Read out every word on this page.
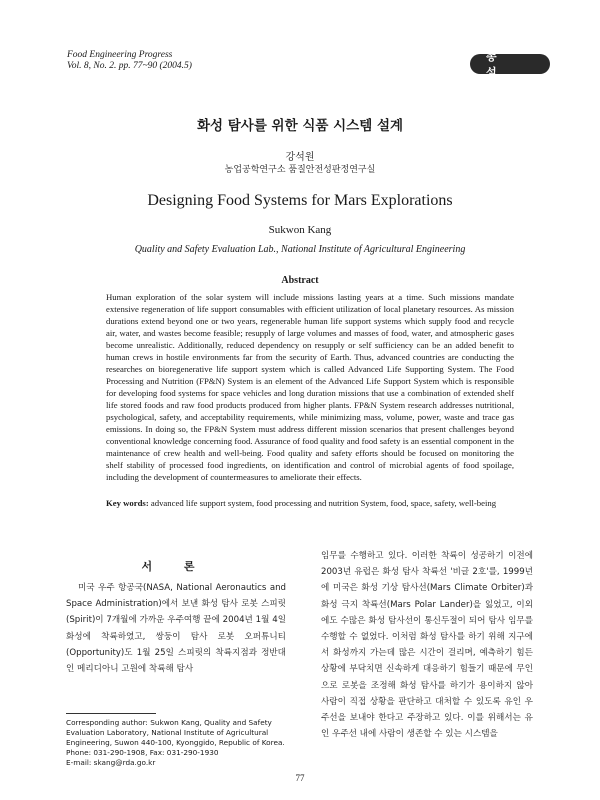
Food Engineering Progress
Vol. 8, No. 2. pp. 77~90 (2004.5)
총 설
화성 탐사를 위한 식품 시스템 설계
강석원
농업공학연구소 품질안전성판정연구실
Designing Food Systems for Mars Explorations
Sukwon Kang
Quality and Safety Evaluation Lab., National Institute of Agricultural Engineering
Abstract
Human exploration of the solar system will include missions lasting years at a time. Such missions mandate extensive regeneration of life support consumables with efficient utilization of local planetary resources. As mission durations extend beyond one or two years, regenerable human life support systems which supply food and recycle air, water, and wastes become feasible; resupply of large volumes and masses of food, water, and atmospheric gases become unrealistic. Additionally, reduced dependency on resupply or self sufficiency can be an added benefit to human crews in hostile environments far from the security of Earth. Thus, advanced countries are conducting the researches on bioregenerative life support system which is called Advanced Life Supporting System. The Food Processing and Nutrition (FP&N) System is an element of the Advanced Life Support System which is responsible for developing food systems for space vehicles and long duration missions that use a combination of extended shelf life stored foods and raw food products produced from higher plants. FP&N System research addresses nutritional, psychological, safety, and acceptability requirements, while minimizing mass, volume, power, waste and trace gas emissions. In doing so, the FP&N System must address different mission scenarios that present challenges beyond conventional knowledge concerning food. Assurance of food quality and food safety is an essential component in the maintenance of crew health and well-being. Food quality and safety efforts should be focused on monitoring the shelf stability of processed food ingredients, on identification and control of microbial agents of food spoilage, including the development of countermeasures to ameliorate their effects.
Key words: advanced life support system, food processing and nutrition System, food, space, safety, well-being
서 론
미국 우주 항공국(NASA, National Aeronautics and Space Administration)에서 보낸 화성 탐사 로봇 스피릿(Spirit)이 7개월에 가까운 우주여행 끝에 2004년 1월 4일 화성에 착륙하였고, 쌍둥이 탐사 로봇 오퍼튜니티(Opportunity)도 1월 25일 스피릿의 착륙지점과 정반대인 메리디아니 고원에 착륙해 탐사
임무를 수행하고 있다. 이러한 착륙이 성공하기 이전에 2003년 유럽은 화성 탐사 착륙선 '비글 2호'를, 1999년에 미국은 화성 기상 탐사선(Mars Climate Orbiter)과 화성 극지 착륙선(Mars Polar Lander)을 잃었고, 이외에도 수많은 화성 탐사선이 통신두절이 되어 탐사 임무를 수행할 수 없었다. 이처럼 화성 탐사를 하기 위해 지구에서 화성까지 가는데 많은 시간이 걸리며, 예측하기 힘든 상황에 부닥치면 신속하게 대응하기 힘들기 때문에 무인으로 로봇을 조정해 화성 탐사를 하기가 용이하지 않아 사람이 직접 상황을 판단하고 대처할 수 있도록 유인 우주선을 보내야 한다고 주장하고 있다. 이를 위해서는 유인 우주선 내에 사람이 생존할 수 있는 시스템을
Corresponding author: Sukwon Kang, Quality and Safety Evaluation Laboratory, National Institute of Agricultural Engineering, Suwon 440-100, Kyonggido, Republic of Korea.
Phone: 031-290-1908, Fax: 031-290-1930
E-mail: skang@rda.go.kr
77
